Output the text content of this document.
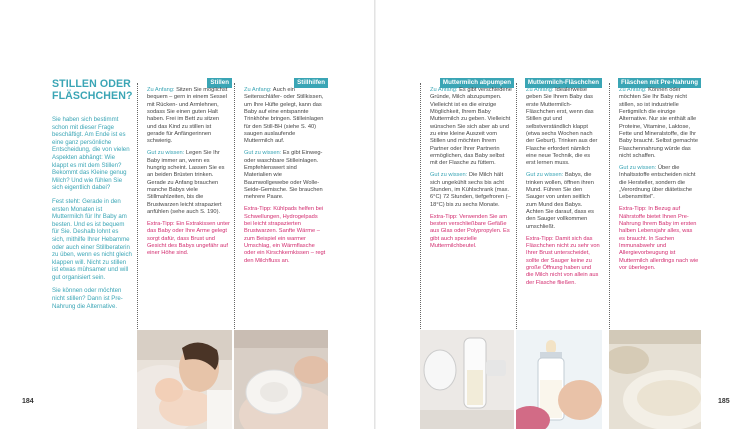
STILLEN ODER
FLÄSCHCHEN?

Sie haben sich bestimmt schon mit dieser Frage beschäftigt. Am Ende ist es eine ganz persönliche Entscheidung, die von vielen Aspekten abhängt: Wie klappt es mit dem Stillen? Bekommt das Kleine genug Milch? Und wie fühlen Sie sich eigentlich dabei?

Fest steht: Gerade in den ersten Monaten ist Muttermilch für Ihr Baby am besten. Und es ist bequem für Sie. Deshalb lohnt es sich, mithilfe Ihrer Hebamme oder auch einer Stillberaterin zu üben, wenn es nicht gleich klappen will. Nicht zu stillen ist etwas mühsamer und will gut organisiert sein.

Sie können oder möchten nicht stillen? Dann ist Pre-Nahrung die Alternative.

Stillen

Zu Anfang: Sitzen Sie möglichst bequem – gern in einem Sessel mit Rücken- und Armlehnen, sodass Sie einen guten Halt haben. Frei im Bett zu sitzen und das Kind zu stillen ist gerade für Anfängerinnen schwierig.

Gut zu wissen: Legen Sie Ihr Baby immer an, wenn es hungrig scheint. Lassen Sie es an beiden Brüsten trinken. Gerade zu Anfang brauchen manche Babys viele Stillmahlzeiten, bis die Brustwarzen leicht strapaziert anfühlen (sehe auch S. 190).

Extra-Tipp: Ein Extrakissen unter das Baby oder Ihre Arme gelegt sorgt dafür, dass Brust und Gesicht des Babys ungefähr auf einer Höhe sind.

Stillhilfen

Zu Anfang: Auch ein Seitenschläfer- oder Stillkissen, um Ihre Hüfte gelegt, kann das Baby auf eine entspannte Trinkhöhe bringen. Stilleinlagen für den Still-BH (siehe S. 40) saugen auslaufende Muttermilch auf.

Gut zu wissen: Es gibt Einweg- oder waschbare Stilleinlagen. Empfehlenswert sind Materialien wie Baumwollgewebe oder Wolle-Seide-Gemische. Sie brauchen mehrere Paare.

Extra-Tipp: Kühlpads helfen bei Schwellungen, Hydrogelpads bei leicht strapazierten Brustwarzen. Sanfte Wärme – zum Beispiel ein warmer Umschlag, ein Wärmflasche oder ein Kirschkernkissen – regt den Milchfluss an.

Muttermilch abpumpen

Zu Anfang: Es gibt verschiedene Gründe, Milch abzupumpen. Vielleicht ist es die einzige Möglichkeit, Ihrem Baby Muttermilch zu geben. Vielleicht wünschen Sie sich aber ab und zu eine kleine Auszeit vom Stillen und möchten Ihrem Partner oder Ihrer Partnerin ermöglichen, das Baby selbst mit der Flasche zu füttern.

Gut zu wissen: Die Milch hält sich ungekühlt sechs bis acht Stunden, im Kühlschrank (max. 6°C) 72 Stunden, tiefgefroren (–18°C) bis zu sechs Monate.

Extra-Tipp: Verwenden Sie am besten verschließbare Gefäße aus Glas oder Polypropylen. Es gibt auch spezielle Muttermilchbeutel.

Muttermilch-Fläschchen

Zu Anfang: Idealerweise geben Sie Ihrem Baby das erste Muttermilch-Fläschchen erst, wenn das Stillen gut und selbstverständlich klappt (etwa sechs Wochen nach der Geburt). Trinken aus der Flasche erfordert nämlich eine neue Technik, die es erst lernen muss.

Gut zu wissen: Babys, die trinken wollen, öffnen ihren Mund. Führen Sie den Sauger von unten seitlich zum Mund des Babys. Achten Sie darauf, dass es den Sauger vollkommen umschließt.

Extra-Tipp: Damit sich das Fläschchen nicht zu sehr von Ihrer Brust unterscheidet, sollte der Sauger keine zu große Öffnung haben und die Milch nicht von allein aus der Flasche fließen.

Fläschen mit Pre-Nahrung

Zu Anfang: Können oder möchten Sie Ihr Baby nicht stillen, so ist industrielle Fertigmilch die einzige Alternative. Nur sie enthält alle Proteine, Vitamine, Laktose, Fette und Mineralstoffe, die Ihr Baby braucht. Selbst gemachte Flaschennahrung würde das nicht schaffen.

Gut zu wissen: Über die Inhaltsstoffe entscheiden nicht die Hersteller, sondern die „Verordnung über diätetische Lebensmittel“.

Extra-Tipp: In Bezug auf Nährstoffe bietet Ihnen Pre-Nahrung Ihrem Baby im ersten halben Lebensjahr alles, was es braucht. In Sachen Immunabwehr und Allergievorbeugung ist Muttermilch allerdings nach wie vor überlegen.

184	185
